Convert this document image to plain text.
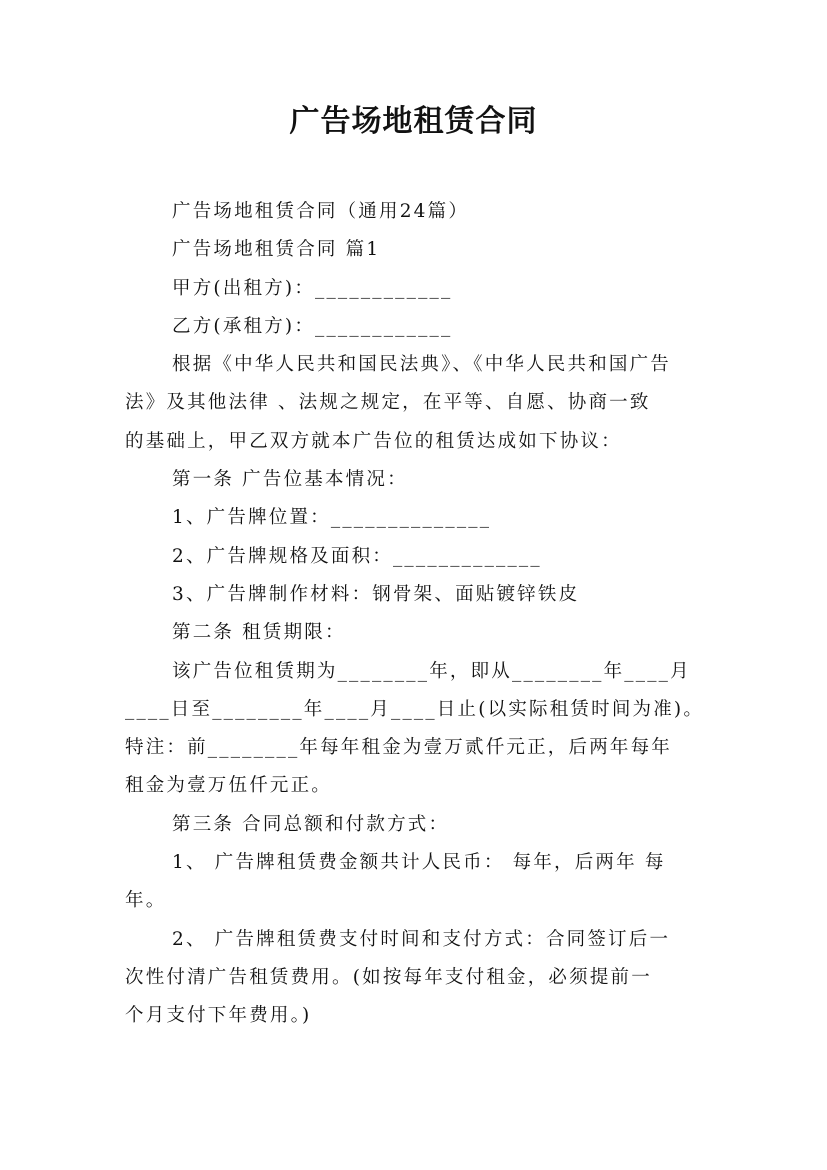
广告场地租赁合同

广告场地租赁合同（通用24篇）

广告场地租赁合同 篇1

甲方(出租方)：____________

乙方(承租方)：____________

根据《中华人民共和国民法典》、《中华人民共和国广告

法》及其他法律 、法规之规定，在平等、自愿、协商一致

的基础上，甲乙双方就本广告位的租赁达成如下协议：

第一条 广告位基本情况：

1、广告牌位置：______________

2、广告牌规格及面积：_____________

3、广告牌制作材料：钢骨架、面贴镀锌铁皮

第二条 租赁期限：

该广告位租赁期为________年，即从________年____月

____日至________年____月____日止(以实际租赁时间为准)。

特注：前________年每年租金为壹万贰仟元正，后两年每年

租金为壹万伍仟元正。

第三条 合同总额和付款方式：

1、 广告牌租赁费金额共计人民币： 每年，后两年 每

年。

2、 广告牌租赁费支付时间和支付方式：合同签订后一

次性付清广告租赁费用。(如按每年支付租金，必须提前一

个月支付下年费用。)
